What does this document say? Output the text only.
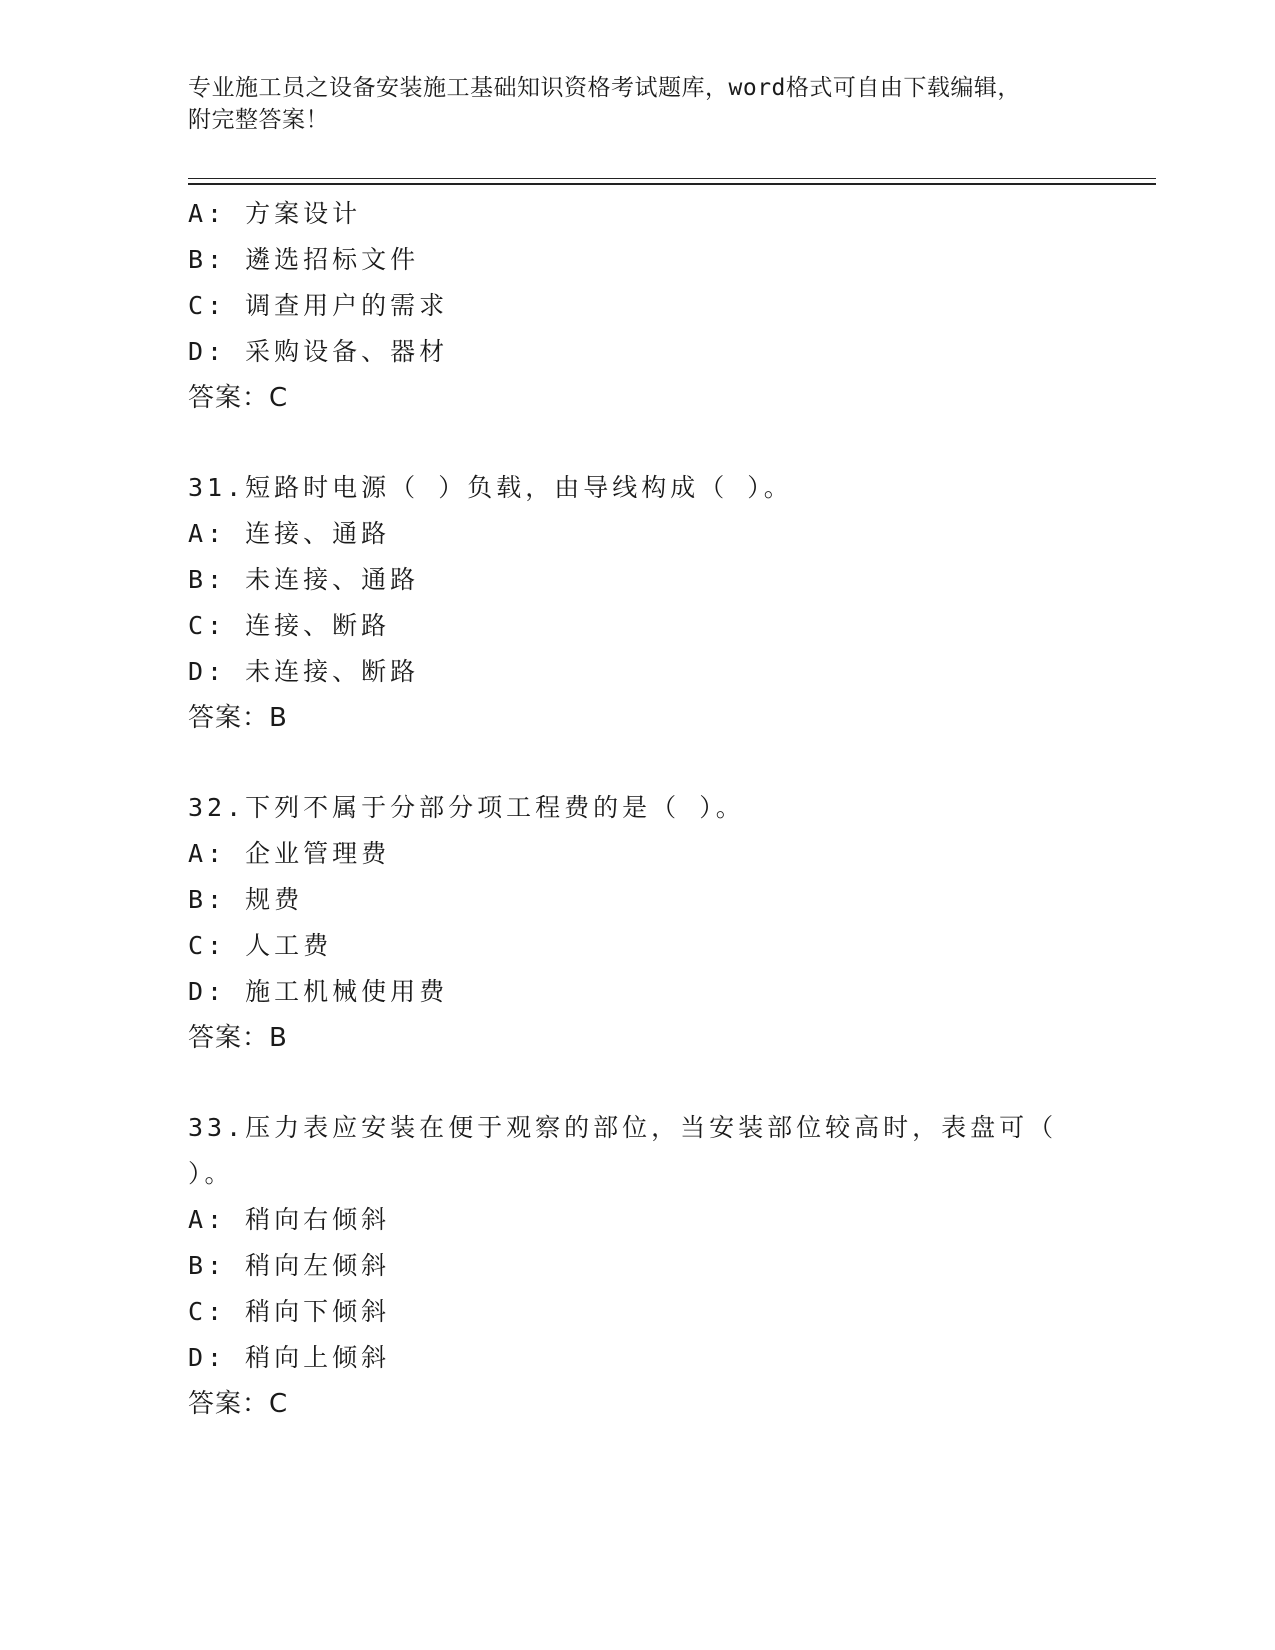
专业施工员之设备安装施工基础知识资格考试题库，word格式可自由下载编辑，
附完整答案！
A: 方案设计
B: 遴选招标文件
C: 调查用户的需求
D: 采购设备、器材
答案：C
31.短路时电源（ ）负载，由导线构成（ ）。
A: 连接、通路
B: 未连接、通路
C: 连接、断路
D: 未连接、断路
答案：B
32.下列不属于分部分项工程费的是（ ）。
A: 企业管理费
B: 规费
C: 人工费
D: 施工机械使用费
答案：B
33.压力表应安装在便于观察的部位，当安装部位较高时，表盘可（
）。
A: 稍向右倾斜
B: 稍向左倾斜
C: 稍向下倾斜
D: 稍向上倾斜
答案：C
